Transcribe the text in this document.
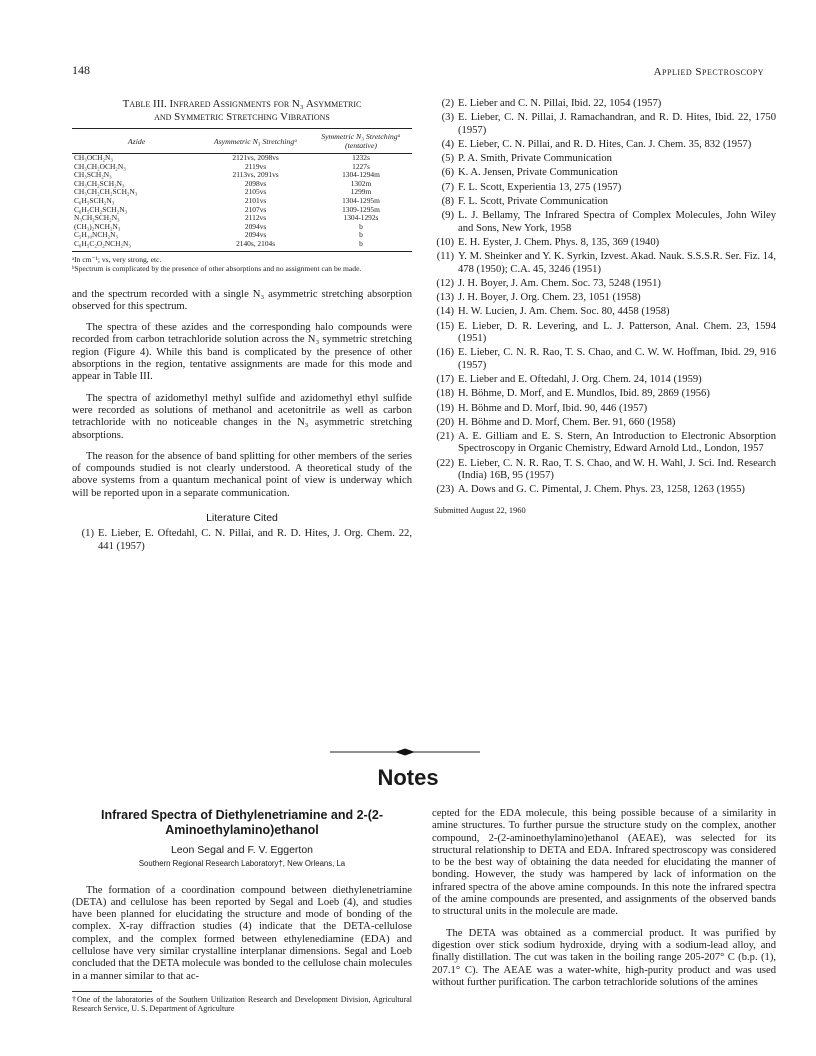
148	Applied Spectroscopy

Table III. Infrared Assignments for N₃ Asymmetric
and Symmetric Stretching Vibrations

Azide	Asymmetric N₃ Stretchingᵃ	Symmetric N₃ Stretchingᵃ (tentative)
CH₃OCH₂N₃	2121vs, 2098vs	1232s
CH₃CH₂OCH₂N₃	2119vs	1227s
CH₃SCH₂N₃	2113vs, 2091vs	1304-1294m
CH₃CH₂SCH₂N₃	2098vs	1302m
CH₃CH₂CH₂SCH₂N₃	2105vs	1299m
C₆H₅SCH₂N₃	2101vs	1304-1295m
C₆H₅CH₂SCH₂N₃	2107vs	1309-1295m
N₃CH₂SCH₂N₃	2112vs	1304-1292s
(CH₃)₂NCH₂N₃	2094vs	b
C₅H₁₀NCH₂N₃	2094vs	b
C₆H₅C₂O₂NCH₂N₃	2140s, 2104s	b

ᵃIn cm⁻¹; vs, very strong, etc.

ᵇSpectrum is complicated by the presence of other absorptions and no assignment can be made.

and the spectrum recorded with a single N₃ asymmetric stretching absorption observed for this spectrum.

The spectra of these azides and the corresponding halo compounds were recorded from carbon tetrachloride solution across the N₃ symmetric stretching region (Figure 4). While this band is complicated by the presence of other absorptions in the region, tentative assignments are made for this mode and appear in Table III.

The spectra of azidomethyl methyl sulfide and azidomethyl ethyl sulfide were recorded as solutions of methanol and acetonitrile as well as carbon tetrachloride with no noticeable changes in the N₃ asymmetric stretching absorptions.

The reason for the absence of band splitting for other members of the series of compounds studied is not clearly understood. A theoretical study of the above systems from a quantum mechanical point of view is underway which will be reported upon in a separate communication.

Literature Cited
(1) E. Lieber, E. Oftedahl, C. N. Pillai, and R. D. Hites, J. Org. Chem. 22, 441 (1957)
(2) E. Lieber and C. N. Pillai, Ibid. 22, 1054 (1957)
(3) E. Lieber, C. N. Pillai, J. Ramachandran, and R. D. Hites, Ibid. 22, 1750 (1957)
(4) E. Lieber, C. N. Pillai, and R. D. Hites, Can. J. Chem. 35, 832 (1957)
(5) P. A. Smith, Private Communication
(6) K. A. Jensen, Private Communication
(7) F. L. Scott, Experientia 13, 275 (1957)
(8) F. L. Scott, Private Communication
(9) L. J. Bellamy, The Infrared Spectra of Complex Molecules, John Wiley and Sons, New York, 1958
(10) E. H. Eyster, J. Chem. Phys. 8, 135, 369 (1940)
(11) Y. M. Sheinker and Y. K. Syrkin, Izvest. Akad. Nauk. S.S.S.R. Ser. Fiz. 14, 478 (1950); C.A. 45, 3246 (1951)
(12) J. H. Boyer, J. Am. Chem. Soc. 73, 5248 (1951)
(13) J. H. Boyer, J. Org. Chem. 23, 1051 (1958)
(14) H. W. Lucien, J. Am. Chem. Soc. 80, 4458 (1958)
(15) E. Lieber, D. R. Levering, and L. J. Patterson, Anal. Chem. 23, 1594 (1951)
(16) E. Lieber, C. N. R. Rao, T. S. Chao, and C. W. W. Hoffman, Ibid. 29, 916 (1957)
(17) E. Lieber and E. Oftedahl, J. Org. Chem. 24, 1014 (1959)
(18) H. Böhme, D. Morf, and E. Mundlos, Ibid. 89, 2869 (1956)
(19) H. Böhme and D. Morf, Ibid. 90, 446 (1957)
(20) H. Böhme and D. Morf, Chem. Ber. 91, 660 (1958)
(21) A. E. Gilliam and E. S. Stern, An Introduction to Electronic Absorption Spectroscopy in Organic Chemistry, Edward Arnold Ltd., London, 1957
(22) E. Lieber, C. N. R. Rao, T. S. Chao, and W. H. Wahl, J. Sci. Ind. Research (India) 16B, 95 (1957)
(23) A. Dows and G. C. Pimental, J. Chem. Phys. 23, 1258, 1263 (1955)
Submitted August 22, 1960
Notes

Infrared Spectra of Diethylenetriamine and 2-(2-Aminoethylamino)ethanol

Leon Segal and F. V. Eggerton

Southern Regional Research Laboratory†, New Orleans, La

The formation of a coordination compound between diethylenetriamine (DETA) and cellulose has been reported by Segal and Loeb (4), and studies have been planned for elucidating the structure and mode of bonding of the complex. X-ray diffraction studies (4) indicate that the DETA-cellulose complex, and the complex formed between ethylenediamine (EDA) and cellulose have very similar crystalline interplanar dimensions. Segal and Loeb concluded that the DETA molecule was bonded to the cellulose chain molecules in a manner similar to that ac-

†One of the laboratories of the Southern Utilization Research and Development Division, Agricultural Research Service, U. S. Department of Agriculture

cepted for the EDA molecule, this being possible because of a similarity in amine structures. To further pursue the structure study on the complex, another compound, 2-(2-aminoethylamino)ethanol (AEAE), was selected for its structural relationship to DETA and EDA. Infrared spectroscopy was considered to be the best way of obtaining the data needed for elucidating the manner of bonding. However, the study was hampered by lack of information on the infrared spectra of the above amine compounds. In this note the infrared spectra of the amine compounds are presented, and assignments of the observed bands to structural units in the molecule are made.

The DETA was obtained as a commercial product. It was purified by digestion over stick sodium hydroxide, drying with a sodium-lead alloy, and finally distillation. The cut was taken in the boiling range 205-207° C (b.p. (1), 207.1° C). The AEAE was a water-white, high-purity product and was used without further purification. The carbon tetrachloride solutions of the amines
